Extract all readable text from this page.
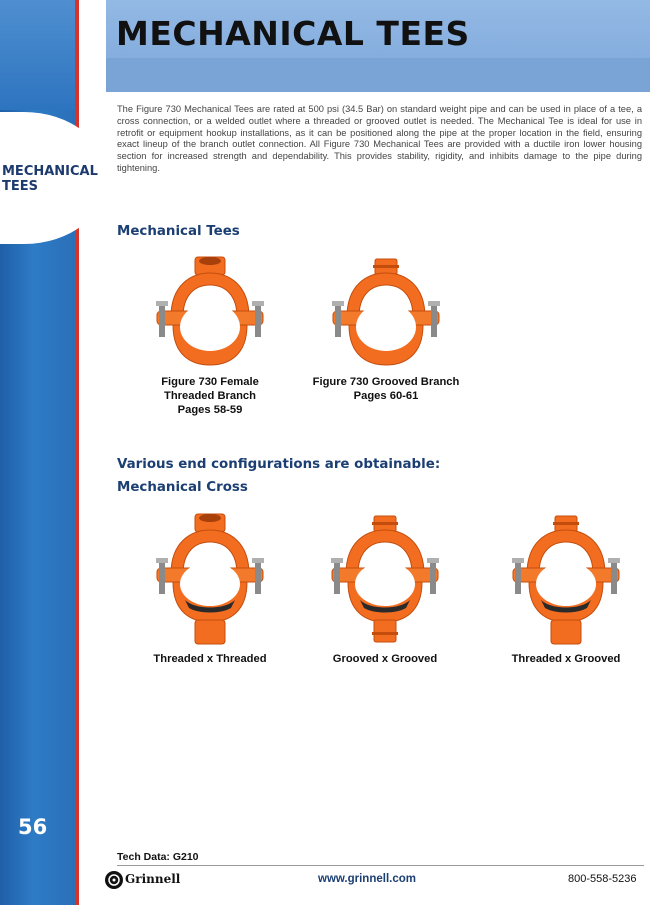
MECHANICAL TEES
56
MECHANICAL TEES
The Figure 730 Mechanical Tees are rated at 500 psi (34.5 Bar) on standard weight pipe and can be used in place of a tee, a cross connection, or a welded outlet where a threaded or grooved outlet is needed. The Mechanical Tee is ideal for use in retrofit or equipment hookup installations, as it can be positioned along the pipe at the proper location in the field, ensuring exact lineup of the branch outlet connection. All Figure 730 Mechanical Tees are provided with a ductile iron lower housing section for increased strength and dependability. This provides stability, rigidity, and inhibits damage to the pipe during tightening.
Mechanical Tees
Figure 730 Female
Threaded Branch
Pages 58-59
Figure 730 Grooved Branch
Pages 60-61
Various end configurations are obtainable:
Mechanical Cross
Threaded x Threaded	Grooved x Grooved	Threaded x Grooved
Tech Data: G210
Grinnell	www.grinnell.com	800-558-5236
